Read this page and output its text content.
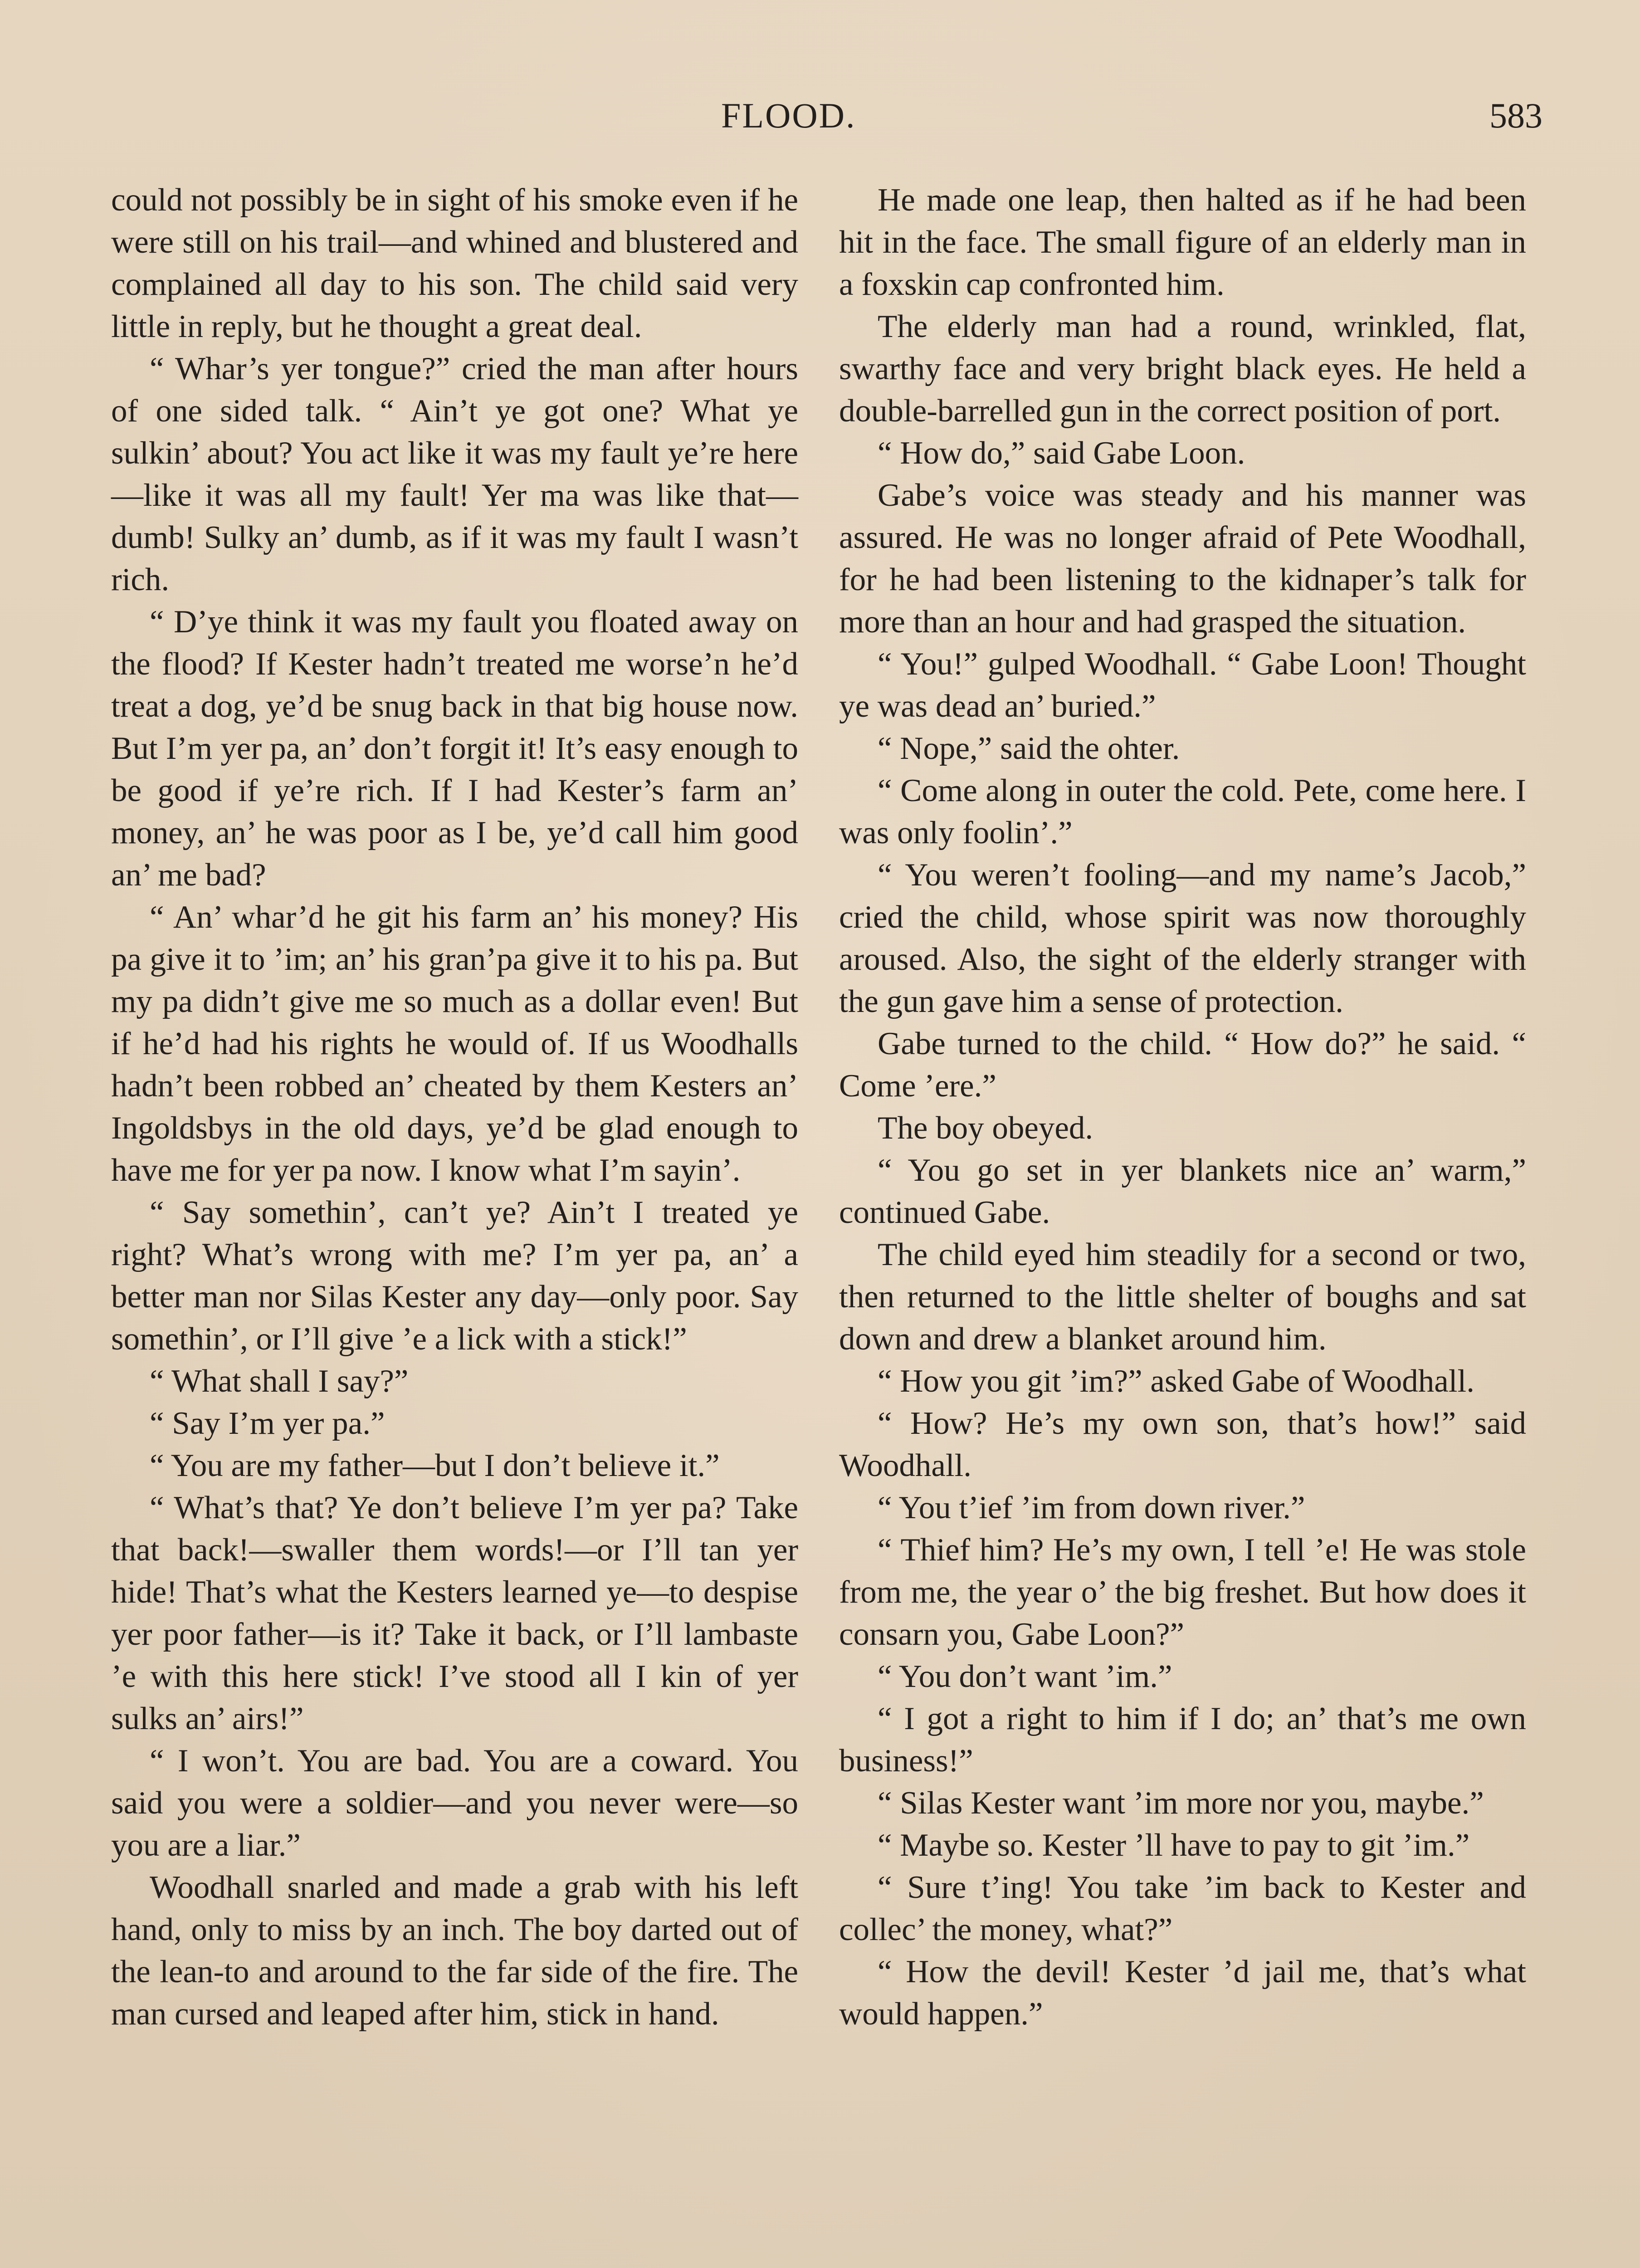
FLOOD.	583

could not possibly be in sight of his smoke even if he were still on his trail—and whined and blustered and complained all day to his son. The child said very little in reply, but he thought a great deal.

“ Whar’s yer tongue?” cried the man after hours of one sided talk. “ Ain’t ye got one? What ye sulkin’ about? You act like it was my fault ye’re here—like it was all my fault! Yer ma was like that—dumb! Sulky an’ dumb, as if it was my fault I wasn’t rich.

“ D’ye think it was my fault you floated away on the flood? If Kester hadn’t treated me worse’n he’d treat a dog, ye’d be snug back in that big house now. But I’m yer pa, an’ don’t forgit it! It’s easy enough to be good if ye’re rich. If I had Kester’s farm an’ money, an’ he was poor as I be, ye’d call him good an’ me bad?

“ An’ whar’d he git his farm an’ his money? His pa give it to ’im; an’ his gran’pa give it to his pa. But my pa didn’t give me so much as a dollar even! But if he’d had his rights he would of. If us Woodhalls hadn’t been robbed an’ cheated by them Kesters an’ Ingoldsbys in the old days, ye’d be glad enough to have me for yer pa now. I know what I’m sayin’.

“ Say somethin’, can’t ye? Ain’t I treated ye right? What’s wrong with me? I’m yer pa, an’ a better man nor Silas Kester any day—only poor. Say somethin’, or I’ll give ’e a lick with a stick!”

“ What shall I say?”

“ Say I’m yer pa.”

“ You are my father—but I don’t believe it.”

“ What’s that? Ye don’t believe I’m yer pa? Take that back!—swaller them words!—or I’ll tan yer hide! That’s what the Kesters learned ye—to despise yer poor father—is it? Take it back, or I’ll lambaste ’e with this here stick! I’ve stood all I kin of yer sulks an’ airs!”

“ I won’t. You are bad. You are a coward. You said you were a soldier—and you never were—so you are a liar.”

Woodhall snarled and made a grab with his left hand, only to miss by an inch. The boy darted out of the lean-to and around to the far side of the fire. The man cursed and leaped after him, stick in hand.

He made one leap, then halted as if he had been hit in the face. The small figure of an elderly man in a foxskin cap confronted him.

The elderly man had a round, wrinkled, flat, swarthy face and very bright black eyes. He held a double-barrelled gun in the correct position of port.

“ How do,” said Gabe Loon.

Gabe’s voice was steady and his manner was assured. He was no longer afraid of Pete Woodhall, for he had been listening to the kidnaper’s talk for more than an hour and had grasped the situation.

“ You!” gulped Woodhall. “ Gabe Loon! Thought ye was dead an’ buried.”

“ Nope,” said the ohter.

“ Come along in outer the cold. Pete, come here. I was only foolin’.”

“ You weren’t fooling—and my name’s Jacob,” cried the child, whose spirit was now thoroughly aroused. Also, the sight of the elderly stranger with the gun gave him a sense of protection.

Gabe turned to the child. “ How do?” he said. “ Come ’ere.”

The boy obeyed.

“ You go set in yer blankets nice an’ warm,” continued Gabe.

The child eyed him steadily for a second or two, then returned to the little shelter of boughs and sat down and drew a blanket around him.

“ How you git ’im?” asked Gabe of Woodhall.

“ How? He’s my own son, that’s how!” said Woodhall.

“ You t’ief ’im from down river.”

“ Thief him? He’s my own, I tell ’e! He was stole from me, the year o’ the big freshet. But how does it consarn you, Gabe Loon?”

“ You don’t want ’im.”

“ I got a right to him if I do; an’ that’s me own business!”

“ Silas Kester want ’im more nor you, maybe.”

“ Maybe so. Kester ’ll have to pay to git ’im.”

“ Sure t’ing! You take ’im back to Kester and collec’ the money, what?”

“ How the devil! Kester ’d jail me, that’s what would happen.”
